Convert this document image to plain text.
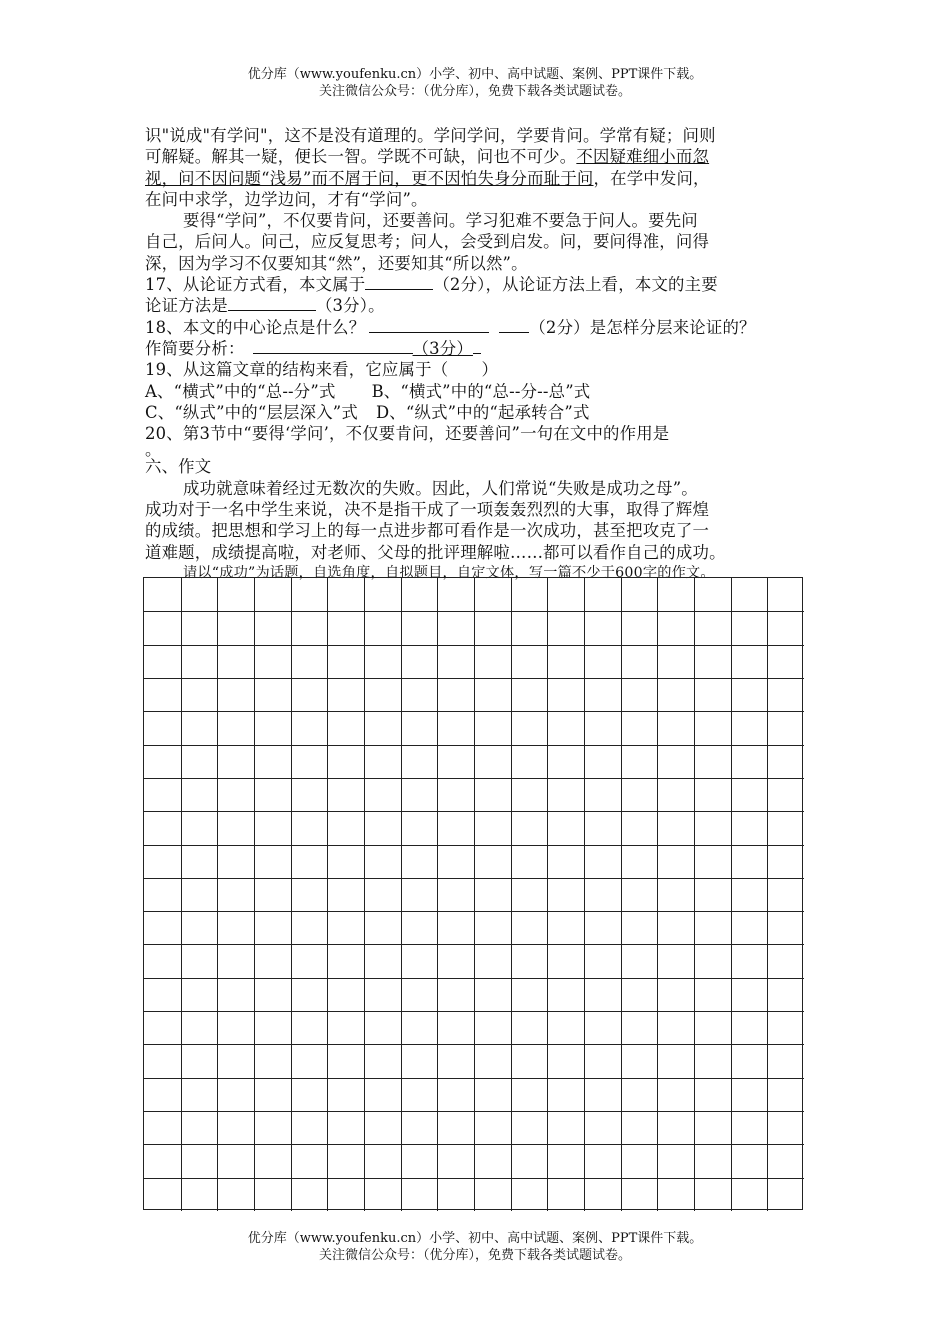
优分库（www.youfenku.cn）小学、初中、高中试题、案例、PPT课件下载。
关注微信公众号：（优分库），免费下载各类试题试卷。

识"说成"有学问"，这不是没有道理的。学问学问，学要肯问。学常有疑；问则

可解疑。解其一疑，便长一智。学既不可缺，问也不可少。不因疑难细小而忽

视，问不因问题“浅易”而不屑于问，更不因怕失身分而耻于问，在学中发问，

在问中求学，边学边问，才有“学问”。

要得“学问”，不仅要肯问，还要善问。学习犯难不要急于问人。要先问

自己，后问人。问己，应反复思考；问人，会受到启发。问，要问得准，问得

深，因为学习不仅要知其“然”，还要知其“所以然”。

17、从论证方式看，本文属于	（2分），从论证方法上看，本文的主要

论证方法是	（3分）。

18、本文的中心论点是什么？	（2分）是怎样分层来论证的？

作简要分析：	（3分）

19、从这篇文章的结构来看，它应属于（　　）

A、“横式”中的“总--分”式 B、“横式”中的“总--分--总”式

C、“纵式”中的“层层深入”式 D、“纵式”中的“起承转合”式

20、第3节中“要得‘学问’，不仅要肯问，还要善问”一句在文中的作用是

。

六、作文

成功就意味着经过无数次的失败。因此，人们常说“失败是成功之母”。

成功对于一名中学生来说，决不是指干成了一项轰轰烈烈的大事，取得了辉煌

的成绩。把思想和学习上的每一点进步都可看作是一次成功，甚至把攻克了一

道难题，成绩提高啦，对老师、父母的批评理解啦……都可以看作自己的成功。

请以“成功”为话题，自选角度，自拟题目，自定文体，写一篇不少于600字的作文。

优分库（www.youfenku.cn）小学、初中、高中试题、案例、PPT课件下载。
关注微信公众号：（优分库），免费下载各类试题试卷。
